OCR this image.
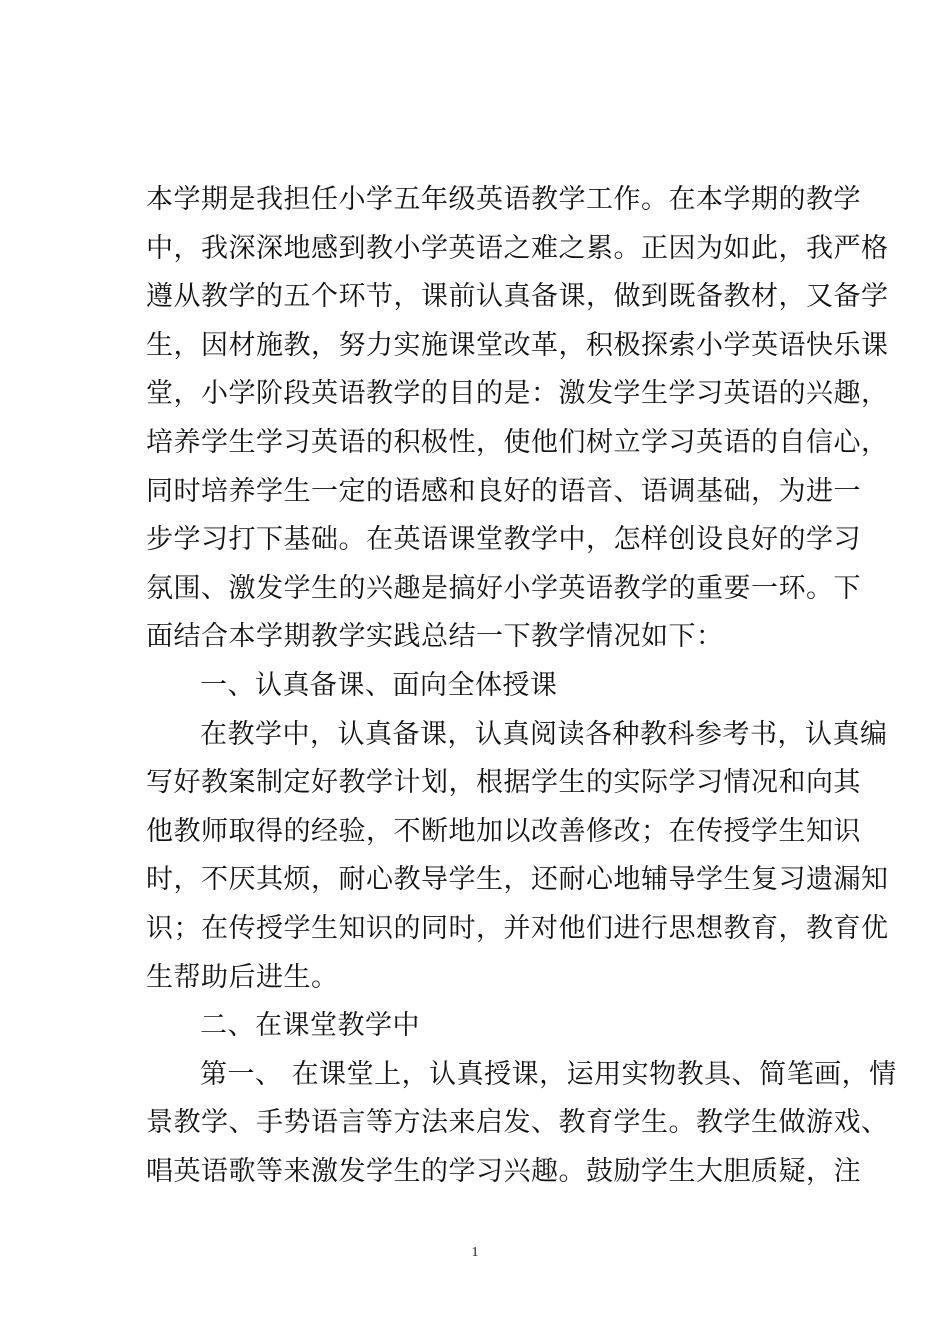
本学期是我担任小学五年级英语教学工作。在本学期的教学
中，我深深地感到教小学英语之难之累。正因为如此，我严格
遵从教学的五个环节，课前认真备课，做到既备教材，又备学
生，因材施教，努力实施课堂改革，积极探索小学英语快乐课
堂，小学阶段英语教学的目的是：激发学生学习英语的兴趣，
培养学生学习英语的积极性，使他们树立学习英语的自信心，
同时培养学生一定的语感和良好的语音、语调基础，为进一
步学习打下基础。在英语课堂教学中，怎样创设良好的学习
氛围、激发学生的兴趣是搞好小学英语教学的重要一环。下
面结合本学期教学实践总结一下教学情况如下：
一、认真备课、面向全体授课
在教学中，认真备课，认真阅读各种教科参考书，认真编
写好教案制定好教学计划，根据学生的实际学习情况和向其
他教师取得的经验，不断地加以改善修改；在传授学生知识
时，不厌其烦，耐心教导学生，还耐心地辅导学生复习遗漏知
识；在传授学生知识的同时，并对他们进行思想教育，教育优
生帮助后进生。
二、在课堂教学中
第一、 在课堂上，认真授课，运用实物教具、简笔画，情
景教学、手势语言等方法来启发、教育学生。教学生做游戏、
唱英语歌等来激发学生的学习兴趣。鼓励学生大胆质疑，注
1
